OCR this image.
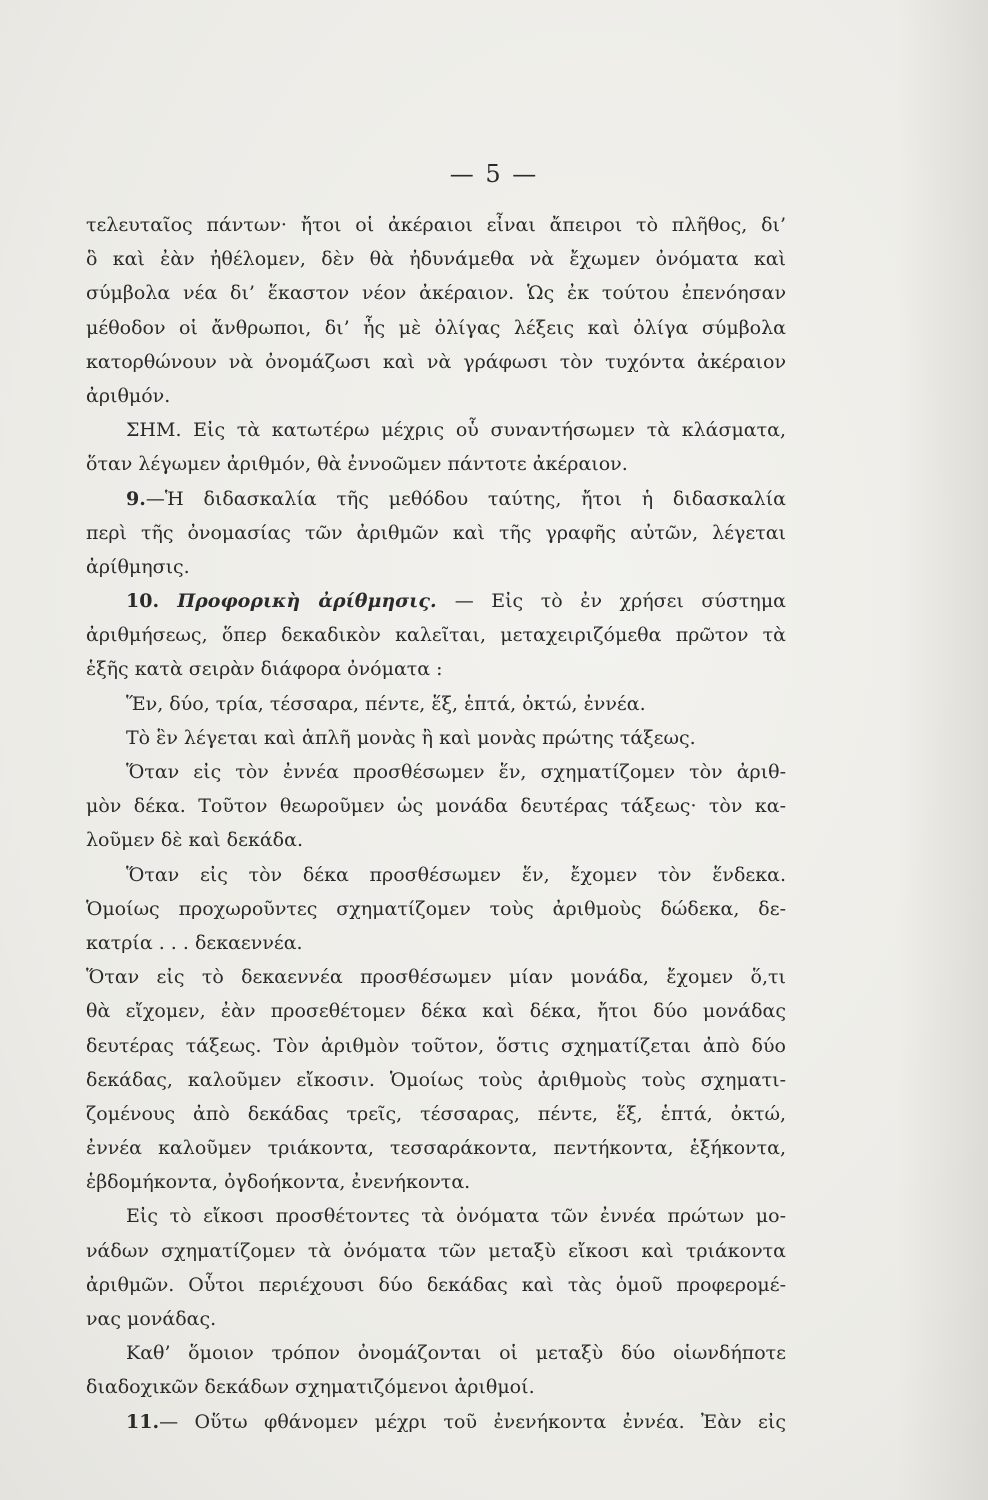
— 5 —
τελευταῖος πάντων· ἤτοι οἱ ἀκέραιοι εἶναι ἄπειροι τὸ πλῆθος, δι’
ὃ καὶ ἐὰν ἠθέλομεν, δὲν θὰ ἠδυνάμεθα νὰ ἔχωμεν ὀνόματα καὶ
σύμβολα νέα δι’ ἕκαστον νέον ἀκέραιον. Ὡς ἐκ τούτου ἐπενόησαν
μέθοδον οἱ ἄνθρωποι, δι’ ἧς μὲ ὀλίγας λέξεις καὶ ὀλίγα σύμβολα
κατορθώνουν νὰ ὀνομάζωσι καὶ νὰ γράφωσι τὸν τυχόντα ἀκέραιον
ἀριθμόν.
ΣΗΜ. Εἰς τὰ κατωτέρω μέχρις οὗ συναντήσωμεν τὰ κλάσματα,
ὅταν λέγωμεν ἀριθμόν, θὰ ἐννοῶμεν πάντοτε ἀκέραιον.
9.—Ἡ διδασκαλία τῆς μεθόδου ταύτης, ἤτοι ἡ διδασκαλία
περὶ τῆς ὀνομασίας τῶν ἀριθμῶν καὶ τῆς γραφῆς αὐτῶν, λέγεται
ἀρίθμησις.
10. Προφορικὴ ἀρίθμησις. — Εἰς τὸ ἐν χρήσει σύστημα
ἀριθμήσεως, ὅπερ δεκαδικὸν καλεῖται, μεταχειριζόμεθα πρῶτον τὰ
ἑξῆς κατὰ σειρὰν διάφορα ὀνόματα :
Ἕν, δύο, τρία, τέσσαρα, πέντε, ἕξ, ἑπτά, ὀκτώ, ἐννέα.
Τὸ ἓν λέγεται καὶ ἁπλῆ μονὰς ἢ καὶ μονὰς πρώτης τάξεως.
Ὅταν εἰς τὸν ἐννέα προσθέσωμεν ἕν, σχηματίζομεν τὸν ἀριθ-
μὸν δέκα. Τοῦτον θεωροῦμεν ὡς μονάδα δευτέρας τάξεως· τὸν κα-
λοῦμεν δὲ καὶ δεκάδα.
Ὅταν εἰς τὸν δέκα προσθέσωμεν ἕν, ἔχομεν τὸν ἕνδεκα.
Ὁμοίως προχωροῦντες σχηματίζομεν τοὺς ἀριθμοὺς δώδεκα, δε-
κατρία . . . δεκαεννέα.
Ὅταν εἰς τὸ δεκαεννέα προσθέσωμεν μίαν μονάδα, ἔχομεν ὅ,τι
θὰ εἴχομεν, ἐὰν προσεθέτομεν δέκα καὶ δέκα, ἤτοι δύο μονάδας
δευτέρας τάξεως. Τὸν ἀριθμὸν τοῦτον, ὅστις σχηματίζεται ἀπὸ δύο
δεκάδας, καλοῦμεν εἴκοσιν. Ὁμοίως τοὺς ἀριθμοὺς τοὺς σχηματι-
ζομένους ἀπὸ δεκάδας τρεῖς, τέσσαρας, πέντε, ἕξ, ἑπτά, ὀκτώ,
ἐννέα καλοῦμεν τριάκοντα, τεσσαράκοντα, πεντήκοντα, ἑξήκοντα,
ἑβδομήκοντα, ὀγδοήκοντα, ἐνενήκοντα.
Εἰς τὸ εἴκοσι προσθέτοντες τὰ ὀνόματα τῶν ἐννέα πρώτων μο-
νάδων σχηματίζομεν τὰ ὀνόματα τῶν μεταξὺ εἴκοσι καὶ τριάκοντα
ἀριθμῶν. Οὗτοι περιέχουσι δύο δεκάδας καὶ τὰς ὁμοῦ προφερομέ-
νας μονάδας.
Καθ’ ὅμοιον τρόπον ὀνομάζονται οἱ μεταξὺ δύο οἱωνδήποτε
διαδοχικῶν δεκάδων σχηματιζόμενοι ἀριθμοί.
11.— Οὕτω φθάνομεν μέχρι τοῦ ἐνενήκοντα ἐννέα. Ἐὰν εἰς
